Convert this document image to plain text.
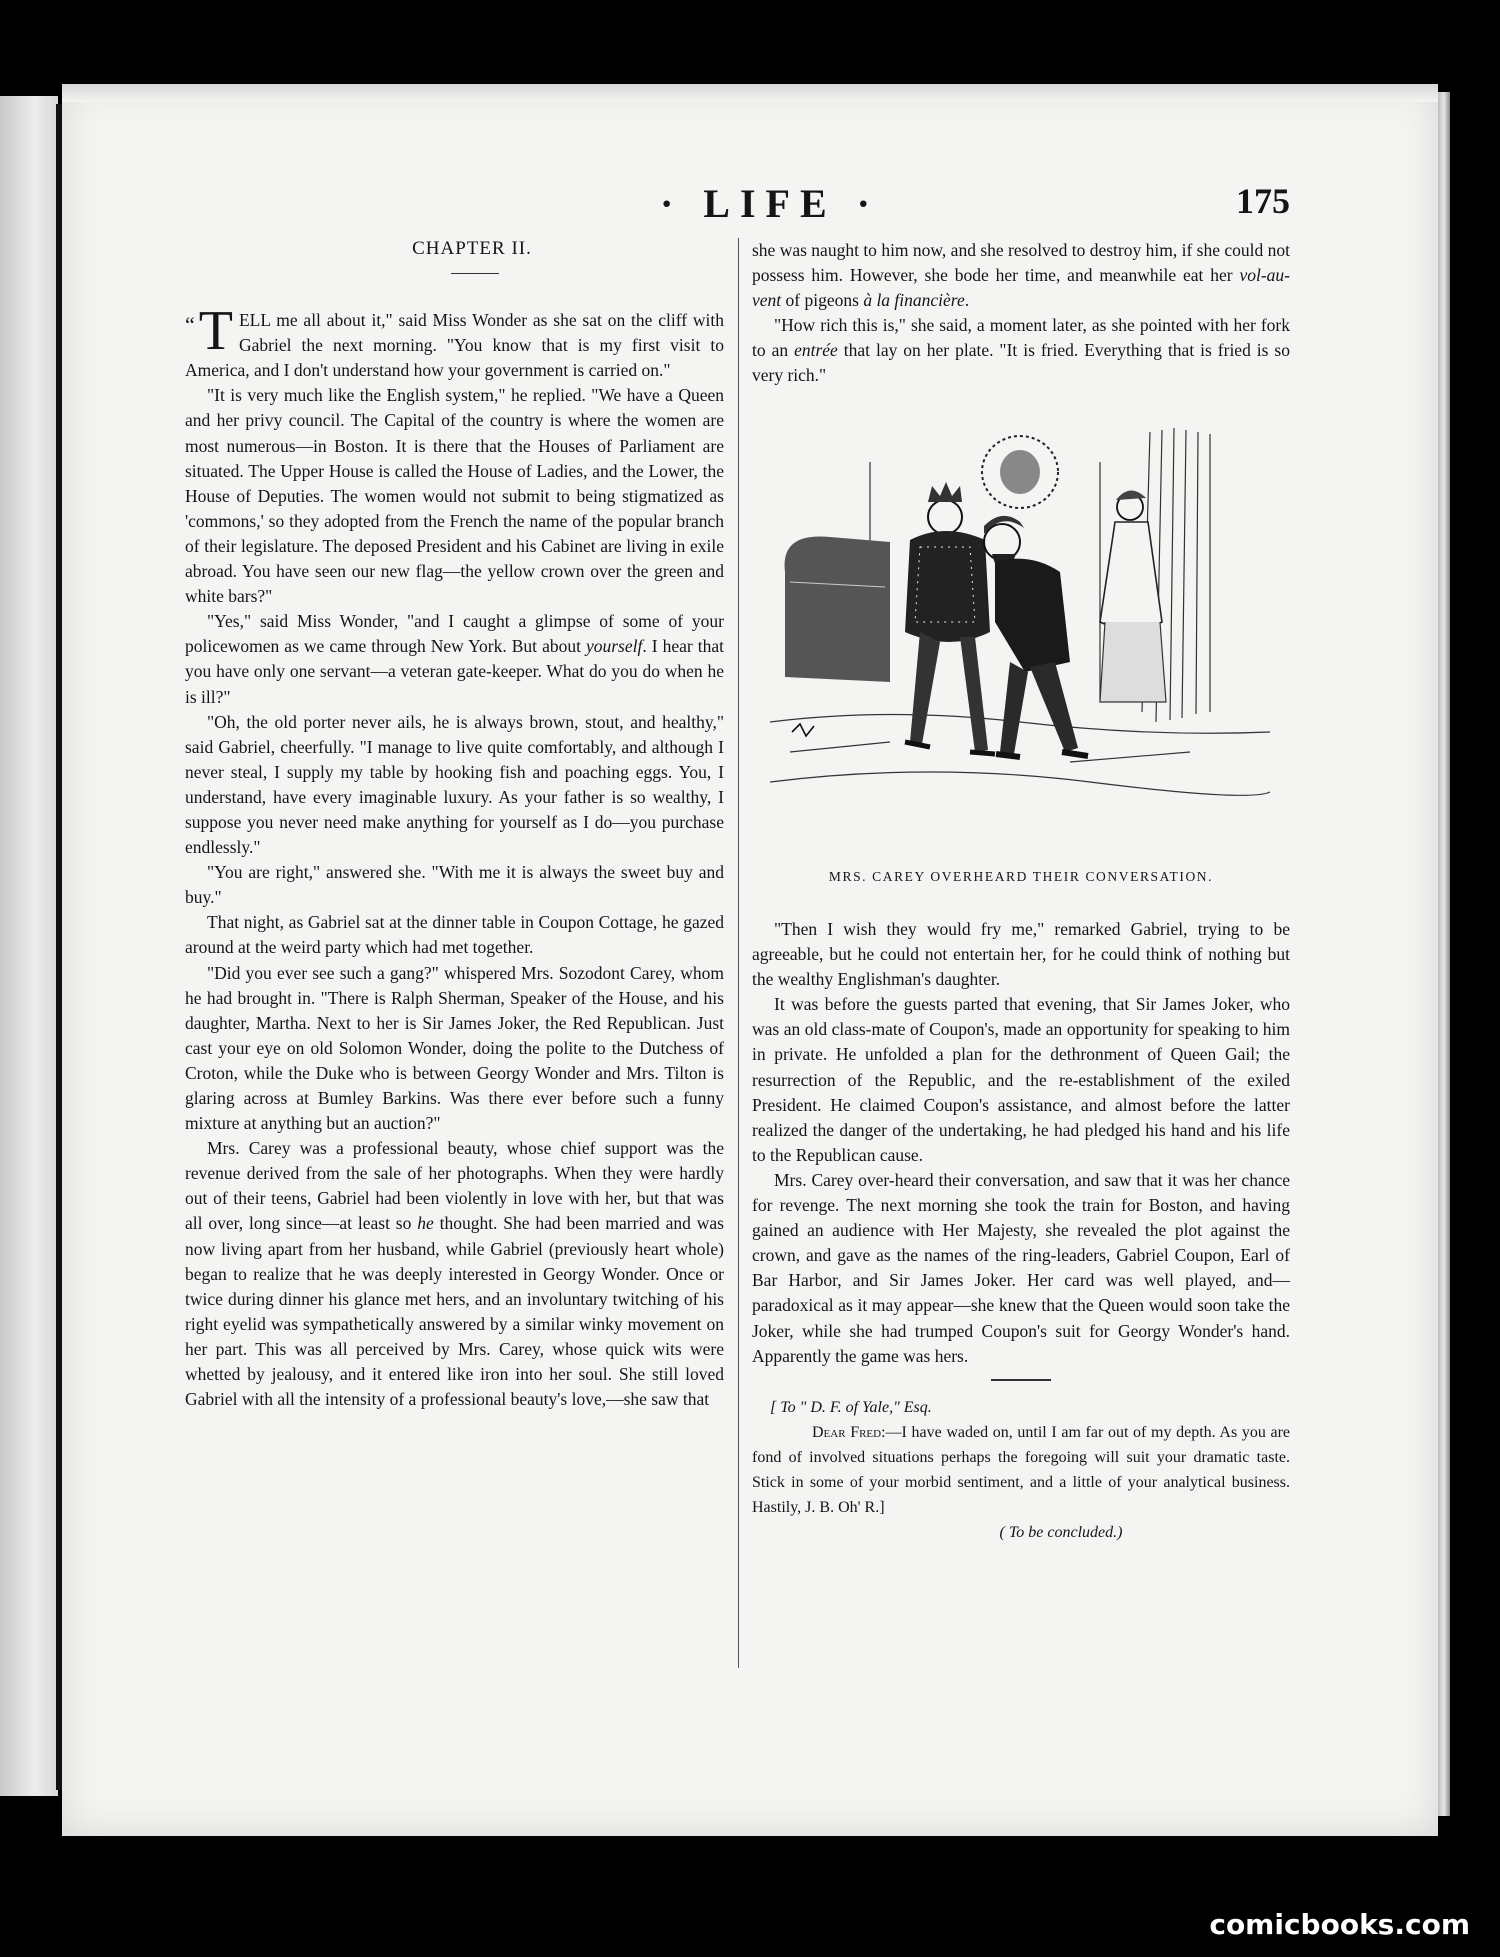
· LIFE ·	175
CHAPTER II.

“ T ELL me all about it," said Miss Wonder as she sat on the cliff with Gabriel the next morning. "You know that is my first visit to America, and I don't understand how your government is carried on."

"It is very much like the English system," he replied. "We have a Queen and her privy council. The Capital of the country is where the women are most numerous—in Boston. It is there that the Houses of Parliament are situated. The Upper House is called the House of Ladies, and the Lower, the House of Deputies. The women would not submit to being stigmatized as 'commons,' so they adopted from the French the name of the popular branch of their legislature. The deposed President and his Cabinet are living in exile abroad. You have seen our new flag—the yellow crown over the green and white bars?"

"Yes," said Miss Wonder, "and I caught a glimpse of some of your policewomen as we came through New York. But about yourself. I hear that you have only one servant—a veteran gate-keeper. What do you do when he is ill?"

"Oh, the old porter never ails, he is always brown, stout, and healthy," said Gabriel, cheerfully. "I manage to live quite comfortably, and although I never steal, I supply my table by hooking fish and poaching eggs. You, I understand, have every imaginable luxury. As your father is so wealthy, I suppose you never need make anything for yourself as I do—you purchase endlessly."

"You are right," answered she. "With me it is always the sweet buy and buy."

That night, as Gabriel sat at the dinner table in Coupon Cottage, he gazed around at the weird party which had met together.

"Did you ever see such a gang?" whispered Mrs. Sozodont Carey, whom he had brought in. "There is Ralph Sherman, Speaker of the House, and his daughter, Martha. Next to her is Sir James Joker, the Red Republican. Just cast your eye on old Solomon Wonder, doing the polite to the Dutchess of Croton, while the Duke who is between Georgy Wonder and Mrs. Tilton is glaring across at Bumley Barkins. Was there ever before such a funny mixture at anything but an auction?"

Mrs. Carey was a professional beauty, whose chief support was the revenue derived from the sale of her photographs. When they were hardly out of their teens, Gabriel had been violently in love with her, but that was all over, long since—at least so he thought. She had been married and was now living apart from her husband, while Gabriel (previously heart whole) began to realize that he was deeply interested in Georgy Wonder. Once or twice during dinner his glance met hers, and an involuntary twitching of his right eyelid was sympathetically answered by a similar winky movement on her part. This was all perceived by Mrs. Carey, whose quick wits were whetted by jealousy, and it entered like iron into her soul. She still loved Gabriel with all the intensity of a professional beauty's love,—she saw that

she was naught to him now, and she resolved to destroy him, if she could not possess him. However, she bode her time, and meanwhile eat her vol-au-vent of pigeons à la financière.

"How rich this is," she said, a moment later, as she pointed with her fork to an entrée that lay on her plate. "It is fried. Everything that is fried is so very rich."

MRS. CAREY OVERHEARD THEIR CONVERSATION.

"Then I wish they would fry me," remarked Gabriel, trying to be agreeable, but he could not entertain her, for he could think of nothing but the wealthy Englishman's daughter.

It was before the guests parted that evening, that Sir James Joker, who was an old class-mate of Coupon's, made an opportunity for speaking to him in private. He unfolded a plan for the dethronment of Queen Gail; the resurrection of the Republic, and the re-establishment of the exiled President. He claimed Coupon's assistance, and almost before the latter realized the danger of the undertaking, he had pledged his hand and his life to the Republican cause.

Mrs. Carey over-heard their conversation, and saw that it was her chance for revenge. The next morning she took the train for Boston, and having gained an audience with Her Majesty, she revealed the plot against the crown, and gave as the names of the ring-leaders, Gabriel Coupon, Earl of Bar Harbor, and Sir James Joker. Her card was well played, and—paradoxical as it may appear—she knew that the Queen would soon take the Joker, while she had trumped Coupon's suit for Georgy Wonder's hand. Apparently the game was hers.

[ To " D. F. of Yale," Esq.

Dear Fred:—I have waded on, until I am far out of my depth. As you are fond of involved situations perhaps the foregoing will suit your dramatic taste. Stick in some of your morbid sentiment, and a little of your analytical business. Hastily, J. B. Oh' R.]

( To be concluded.)

comicbooks.com
